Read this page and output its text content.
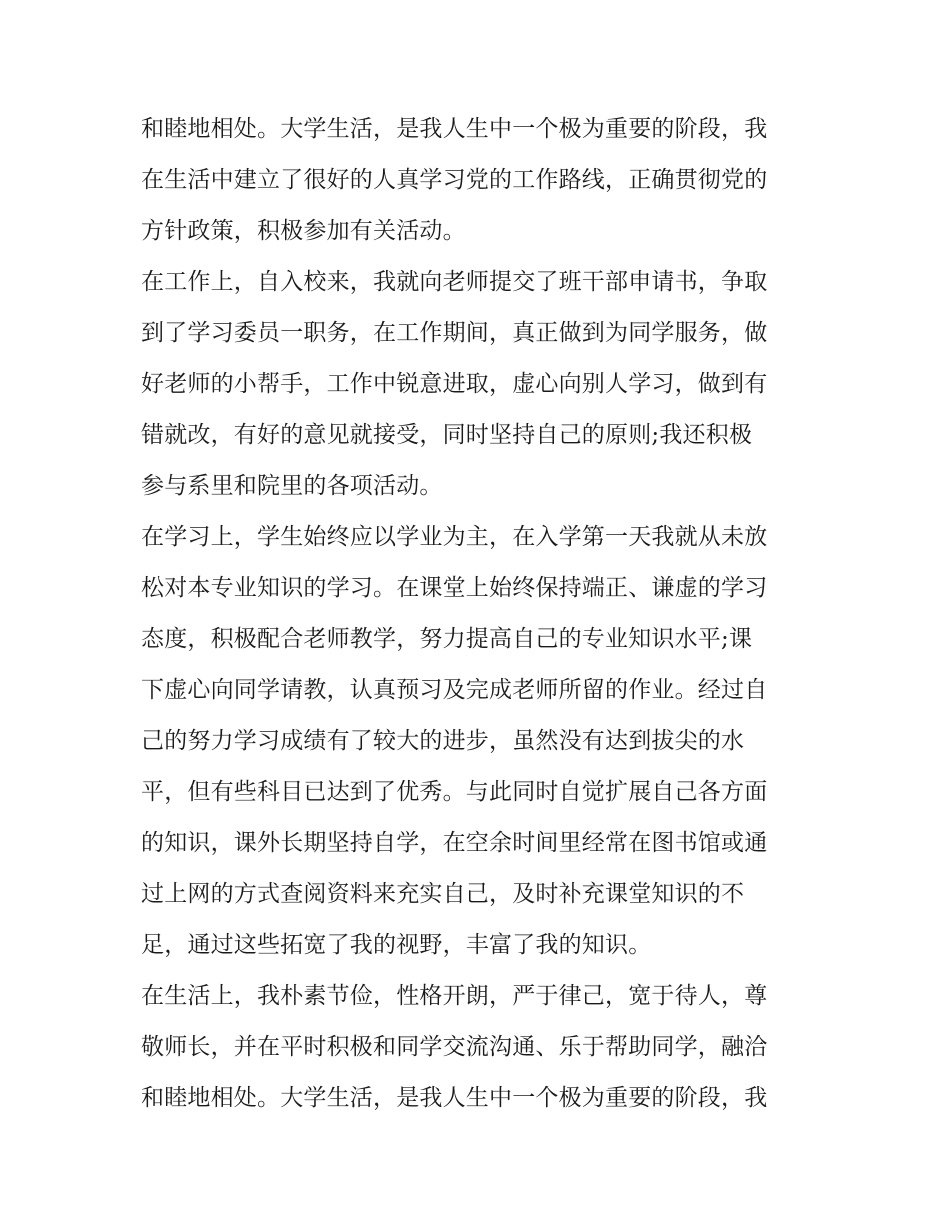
和睦地相处。大学生活，是我人生中一个极为重要的阶段，我
在生活中建立了很好的人真学习党的工作路线，正确贯彻党的
方针政策，积极参加有关活动。
在工作上，自入校来，我就向老师提交了班干部申请书，争取
到了学习委员一职务，在工作期间，真正做到为同学服务，做
好老师的小帮手，工作中锐意进取，虚心向别人学习，做到有
错就改，有好的意见就接受，同时坚持自己的原则;我还积极
参与系里和院里的各项活动。
在学习上，学生始终应以学业为主，在入学第一天我就从未放
松对本专业知识的学习。在课堂上始终保持端正、谦虚的学习
态度，积极配合老师教学，努力提高自己的专业知识水平;课
下虚心向同学请教，认真预习及完成老师所留的作业。经过自
己的努力学习成绩有了较大的进步，虽然没有达到拔尖的水
平，但有些科目已达到了优秀。与此同时自觉扩展自己各方面
的知识，课外长期坚持自学，在空余时间里经常在图书馆或通
过上网的方式查阅资料来充实自己，及时补充课堂知识的不
足，通过这些拓宽了我的视野，丰富了我的知识。
在生活上，我朴素节俭，性格开朗，严于律己，宽于待人，尊
敬师长，并在平时积极和同学交流沟通、乐于帮助同学，融洽
和睦地相处。大学生活，是我人生中一个极为重要的阶段，我
